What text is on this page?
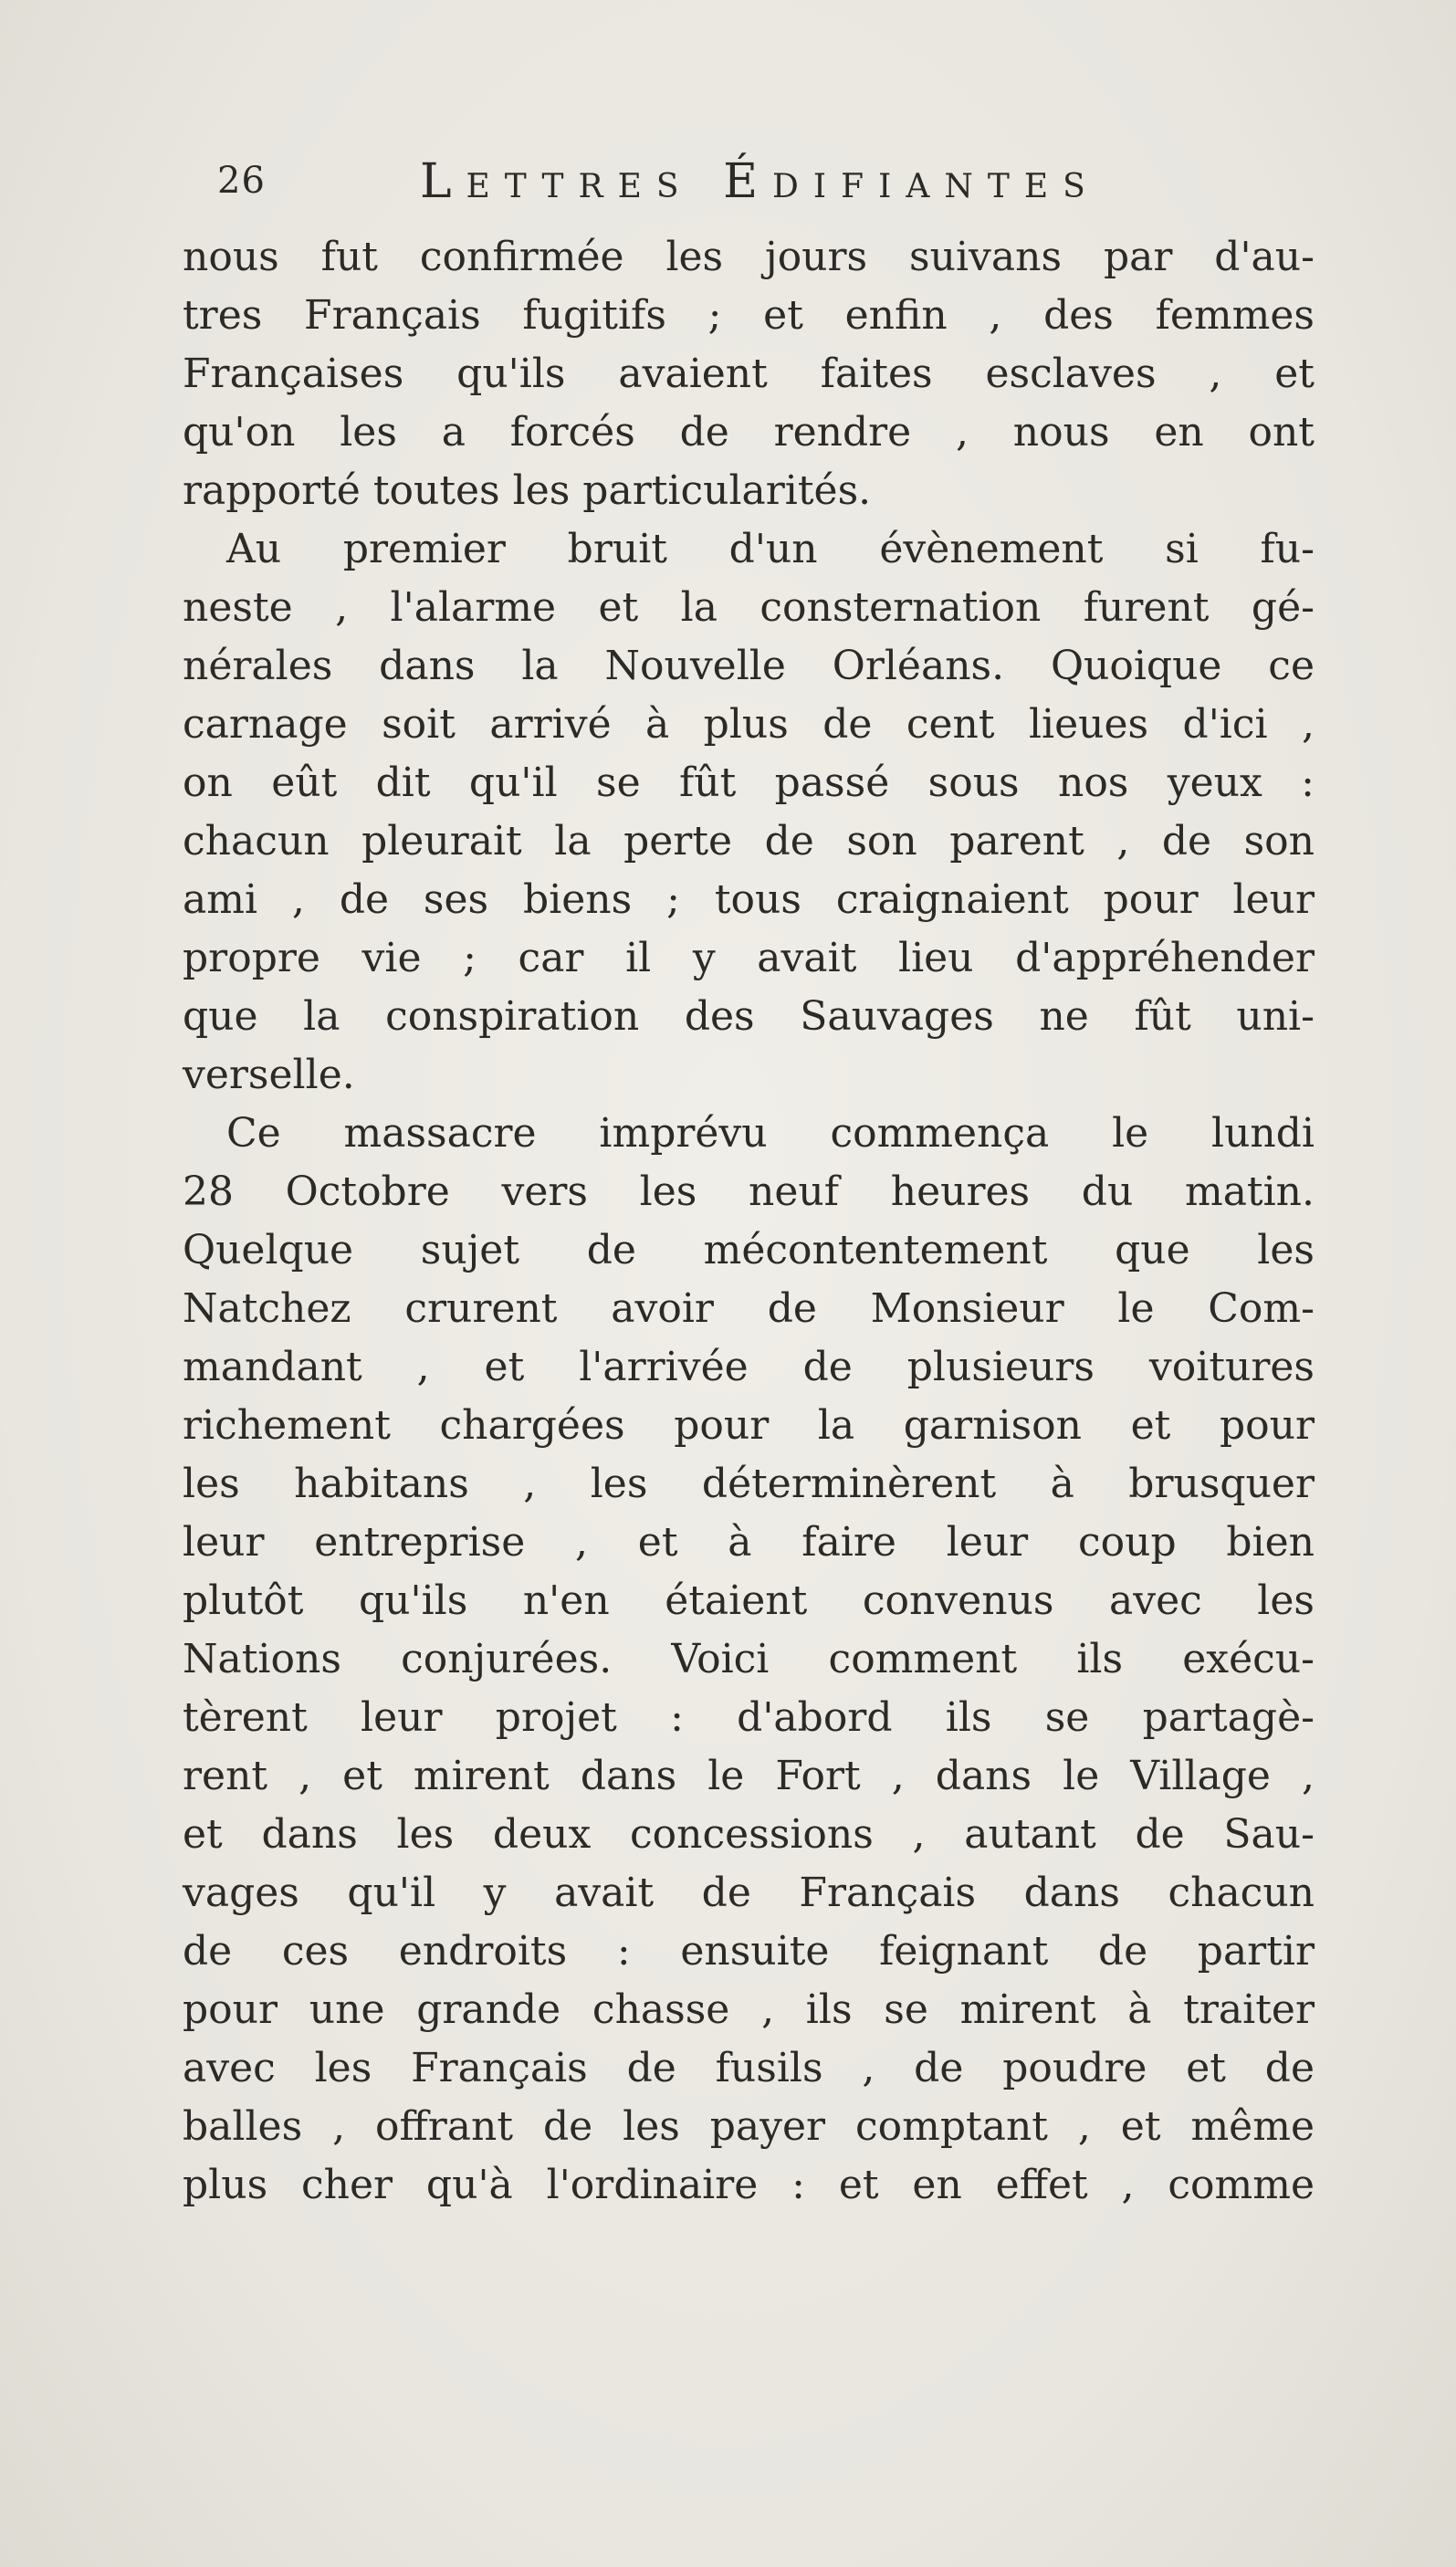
26	Lettres Édifiantes
nous fut confirmée les jours suivans par d'au-
tres Français fugitifs ; et enfin , des femmes
Françaises qu'ils avaient faites esclaves , et
qu'on les a forcés de rendre , nous en ont
rapporté toutes les particularités.
Au premier bruit d'un évènement si fu-
neste , l'alarme et la consternation furent gé-
nérales dans la Nouvelle Orléans. Quoique ce
carnage soit arrivé à plus de cent lieues d'ici ,
on eût dit qu'il se fût passé sous nos yeux :
chacun pleurait la perte de son parent , de son
ami , de ses biens ; tous craignaient pour leur
propre vie ; car il y avait lieu d'appréhender
que la conspiration des Sauvages ne fût uni-
verselle.
Ce massacre imprévu commença le lundi
28 Octobre vers les neuf heures du matin.
Quelque sujet de mécontentement que les
Natchez crurent avoir de Monsieur le Com-
mandant , et l'arrivée de plusieurs voitures
richement chargées pour la garnison et pour
les habitans , les déterminèrent à brusquer
leur entreprise , et à faire leur coup bien
plutôt qu'ils n'en étaient convenus avec les
Nations conjurées. Voici comment ils exécu-
tèrent leur projet : d'abord ils se partagè-
rent , et mirent dans le Fort , dans le Village ,
et dans les deux concessions , autant de Sau-
vages qu'il y avait de Français dans chacun
de ces endroits : ensuite feignant de partir
pour une grande chasse , ils se mirent à traiter
avec les Français de fusils , de poudre et de
balles , offrant de les payer comptant , et même
plus cher qu'à l'ordinaire : et en effet , comme
